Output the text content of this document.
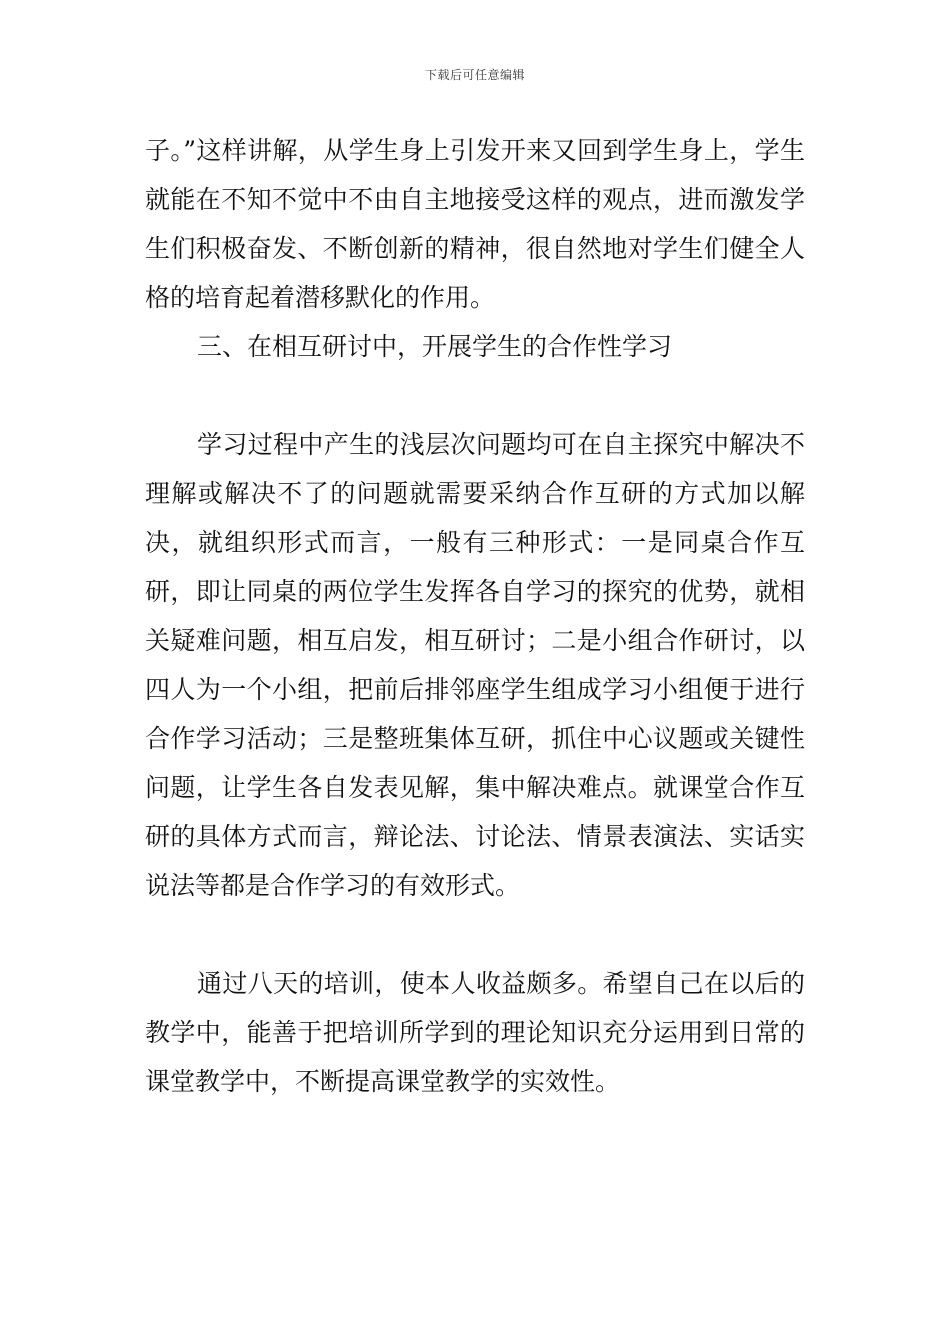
下载后可任意编辑

子。”这样讲解，从学生身上引发开来又回到学生身上，学生就能在不知不觉中不由自主地接受这样的观点，进而激发学生们积极奋发、不断创新的精神，很自然地对学生们健全人格的培育起着潜移默化的作用。

三、在相互研讨中，开展学生的合作性学习

学习过程中产生的浅层次问题均可在自主探究中解决不理解或解决不了的问题就需要采纳合作互研的方式加以解决，就组织形式而言，一般有三种形式：一是同桌合作互研，即让同桌的两位学生发挥各自学习的探究的优势，就相关疑难问题，相互启发，相互研讨；二是小组合作研讨，以四人为一个小组，把前后排邻座学生组成学习小组便于进行合作学习活动；三是整班集体互研，抓住中心议题或关键性问题，让学生各自发表见解，集中解决难点。就课堂合作互研的具体方式而言，辩论法、讨论法、情景表演法、实话实说法等都是合作学习的有效形式。

通过八天的培训，使本人收益颇多。希望自己在以后的教学中，能善于把培训所学到的理论知识充分运用到日常的课堂教学中，不断提高课堂教学的实效性。
